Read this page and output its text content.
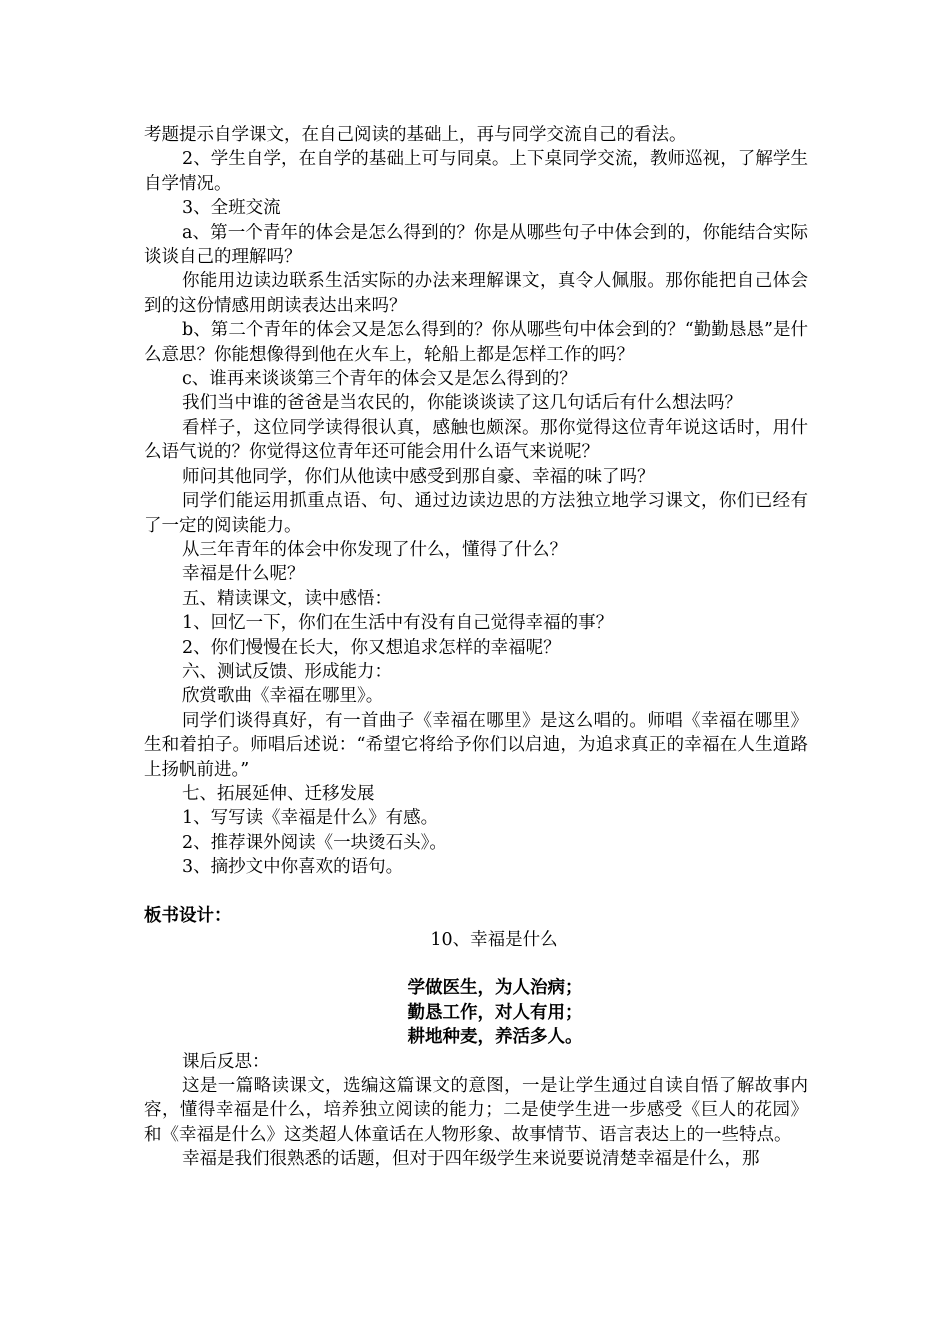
考题提示自学课文，在自己阅读的基础上，再与同学交流自己的看法。

2、学生自学，在自学的基础上可与同桌。上下桌同学交流，教师巡视，了解学生自学情况。

3、全班交流

a、第一个青年的体会是怎么得到的？你是从哪些句子中体会到的，你能结合实际谈谈自己的理解吗？

你能用边读边联系生活实际的办法来理解课文，真令人佩服。那你能把自己体会到的这份情感用朗读表达出来吗？

b、第二个青年的体会又是怎么得到的？你从哪些句中体会到的？“勤勤恳恳”是什么意思？你能想像得到他在火车上，轮船上都是怎样工作的吗？

c、谁再来谈谈第三个青年的体会又是怎么得到的？

我们当中谁的爸爸是当农民的，你能谈谈读了这几句话后有什么想法吗？

看样子，这位同学读得很认真，感触也颇深。那你觉得这位青年说这话时，用什么语气说的？你觉得这位青年还可能会用什么语气来说呢？

师问其他同学，你们从他读中感受到那自豪、幸福的味了吗？

同学们能运用抓重点语、句、通过边读边思的方法独立地学习课文，你们已经有了一定的阅读能力。

从三年青年的体会中你发现了什么，懂得了什么？

幸福是什么呢？

五、精读课文，读中感悟：

1、回忆一下，你们在生活中有没有自己觉得幸福的事？

2、你们慢慢在长大，你又想追求怎样的幸福呢？

六、测试反馈、形成能力：

欣赏歌曲《幸福在哪里》。

同学们谈得真好，有一首曲子《幸福在哪里》是这么唱的。师唱《幸福在哪里》生和着拍子。师唱后述说：“希望它将给予你们以启迪，为追求真正的幸福在人生道路上扬帆前进。”

七、拓展延伸、迁移发展

1、写写读《幸福是什么》有感。

2、推荐课外阅读《一块烫石头》。

3、摘抄文中你喜欢的语句。

板书设计：
10、幸福是什么
学做医生，为人治病；
勤恳工作，对人有用；
耕地种麦，养活多人。

课后反思：

这是一篇略读课文，选编这篇课文的意图，一是让学生通过自读自悟了解故事内容，懂得幸福是什么，培养独立阅读的能力；二是使学生进一步感受《巨人的花园》和《幸福是什么》这类超人体童话在人物形象、故事情节、语言表达上的一些特点。

幸福是我们很熟悉的话题，但对于四年级学生来说要说清楚幸福是什么，那
